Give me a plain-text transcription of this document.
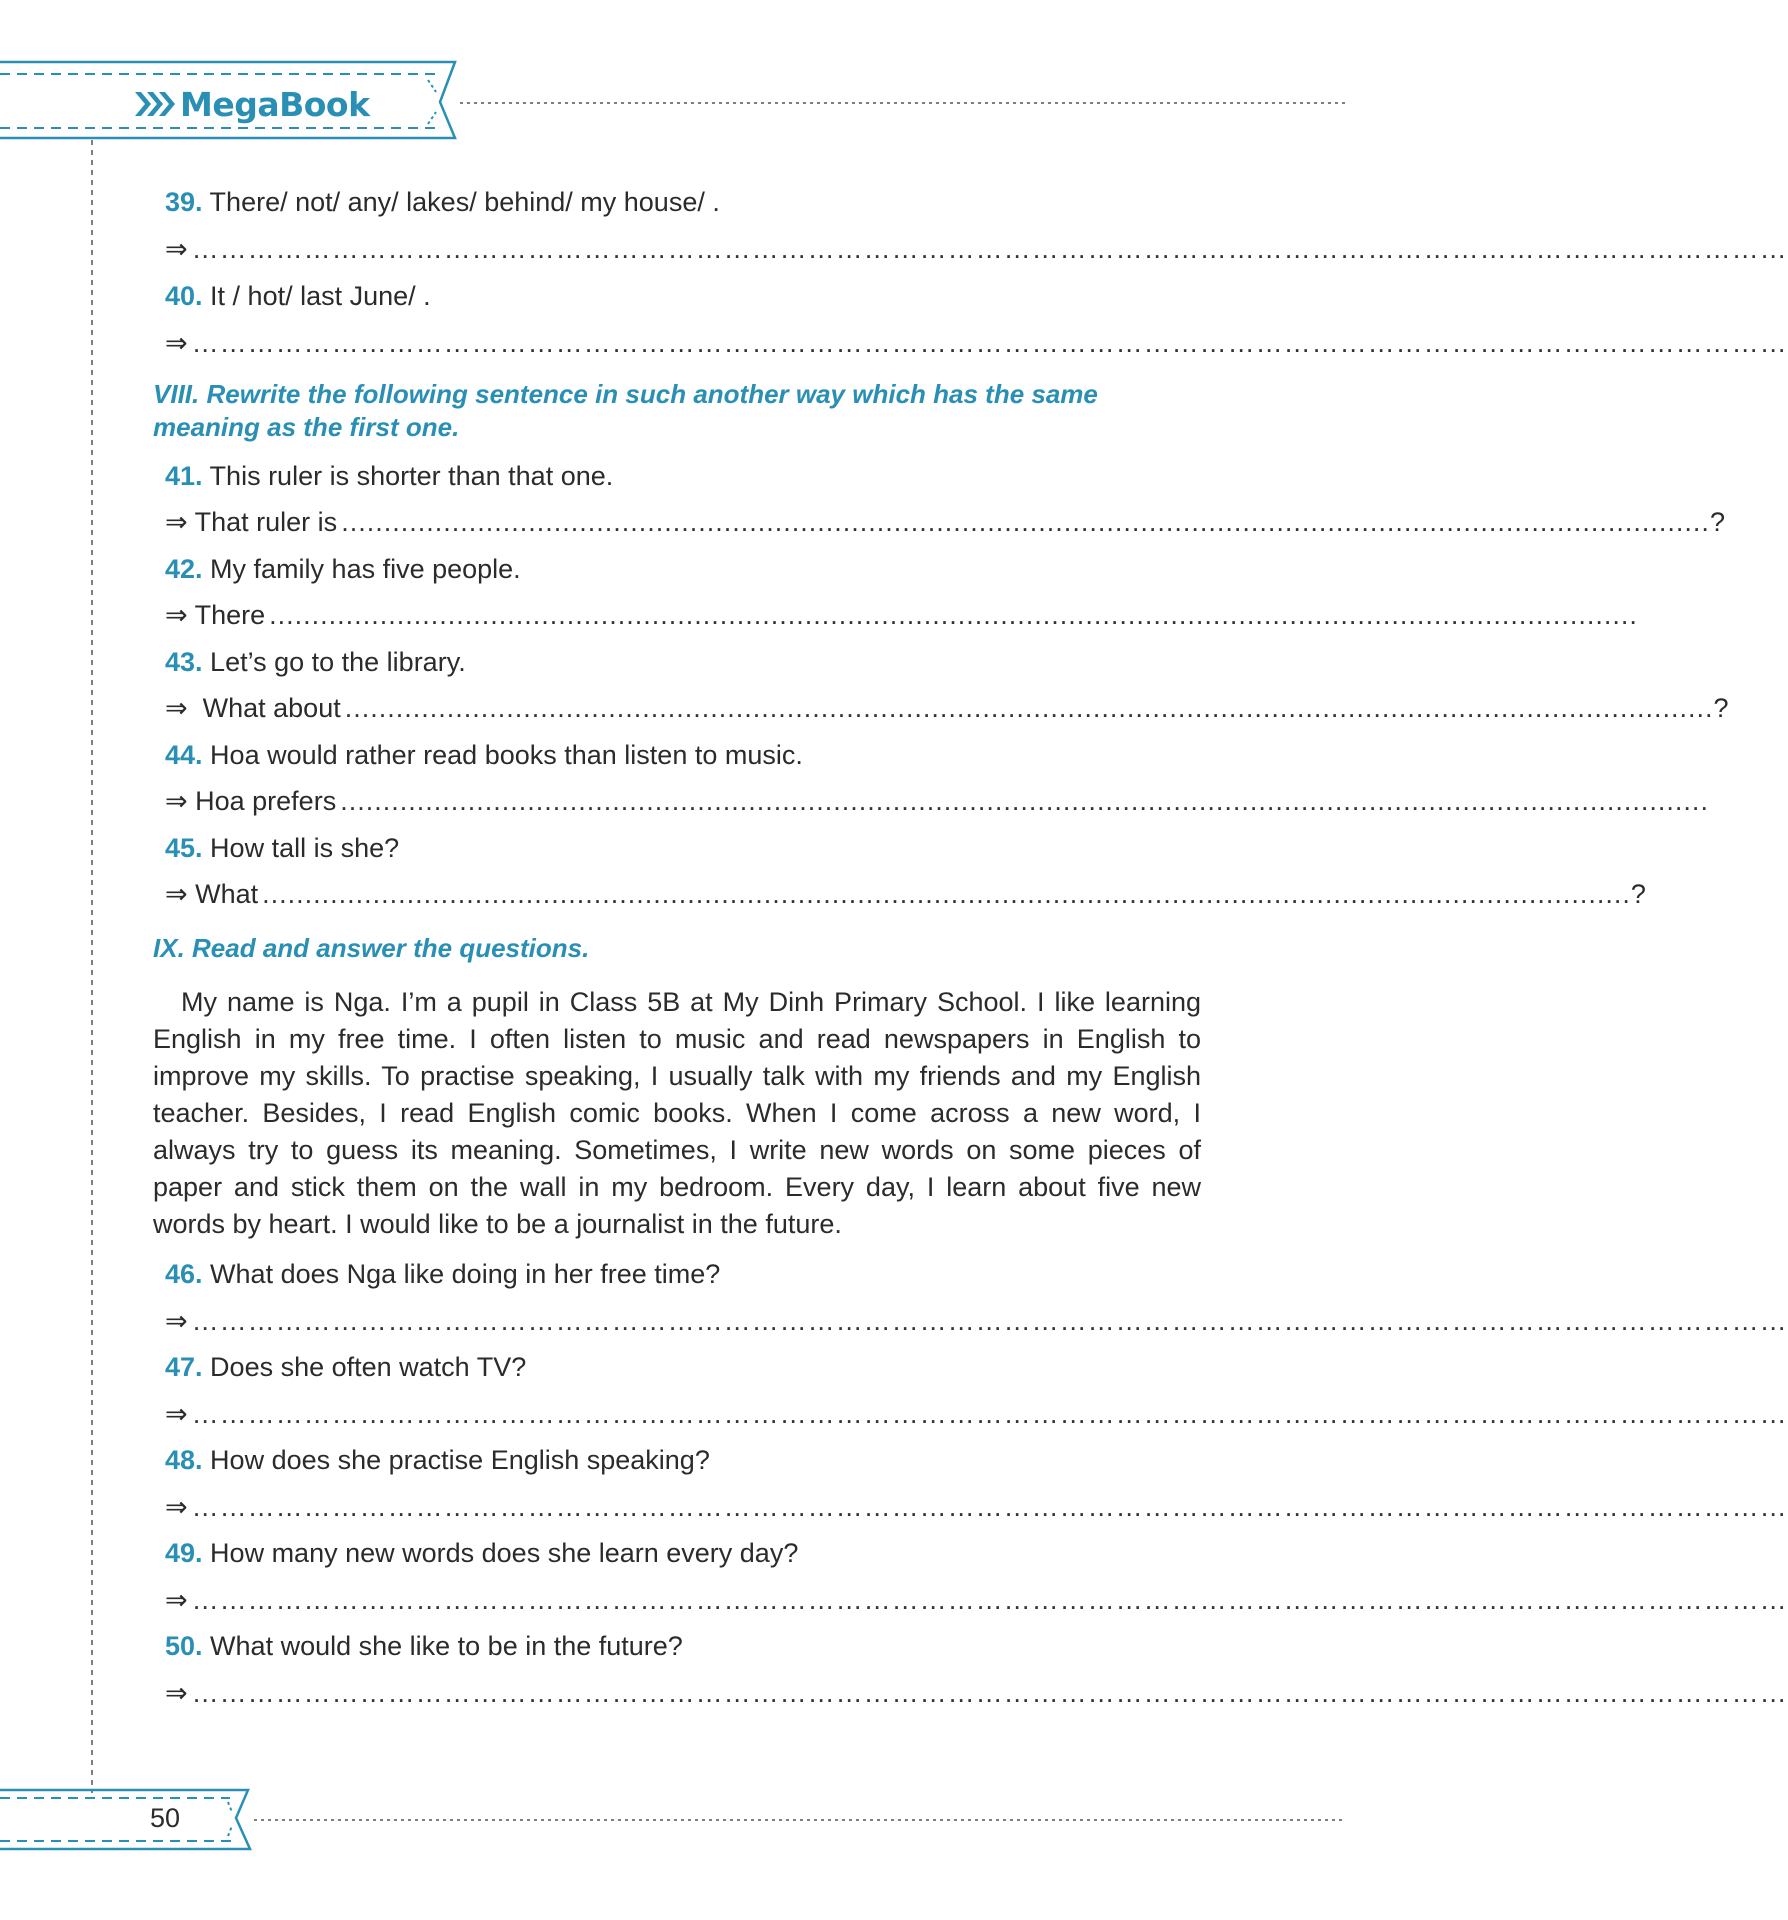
MegaBook
39. There/ not/ any/ lakes/ behind/ my house/ .
⇒ ………………………………………………………………………………………………………………………………………………………
40. It / hot/ last June/ .
⇒ ………………………………………………………………………………………………………………………………………………………
VIII. Rewrite the following sentence in such another way which has the same meaning as the first one.
41. This ruler is shorter than that one.
⇒ That ruler is ................................................................................................................................................................. ?
42. My family has five people.
⇒ There .................................................................................................................................................................
43. Let’s go to the library.
⇒  What about ................................................................................................................................................................. ?
44. Hoa would rather read books than listen to music.
⇒ Hoa prefers .................................................................................................................................................................
45. How tall is she?
⇒ What ................................................................................................................................................................. ?
IX. Read and answer the questions.
My name is Nga. I’m a pupil in Class 5B at My Dinh Primary School. I like learning English in my free time. I often listen to music and read newspapers in English to improve my skills. To practise speaking, I usually talk with my friends and my English teacher. Besides, I read English comic books. When I come across a new word, I always try to guess its meaning. Sometimes, I write new words on some pieces of paper and stick them on the wall in my bedroom. Every day, I learn about five new words by heart. I would like to be a journalist in the future.
46. What does Nga like doing in her free time?
⇒ ………………………………………………………………………………………………………………………………………………………
47. Does she often watch TV?
⇒ ………………………………………………………………………………………………………………………………………………………
48. How does she practise English speaking?
⇒ ………………………………………………………………………………………………………………………………………………………
49. How many new words does she learn every day?
⇒ ………………………………………………………………………………………………………………………………………………………
50. What would she like to be in the future?
⇒ ………………………………………………………………………………………………………………………………………………………
50
